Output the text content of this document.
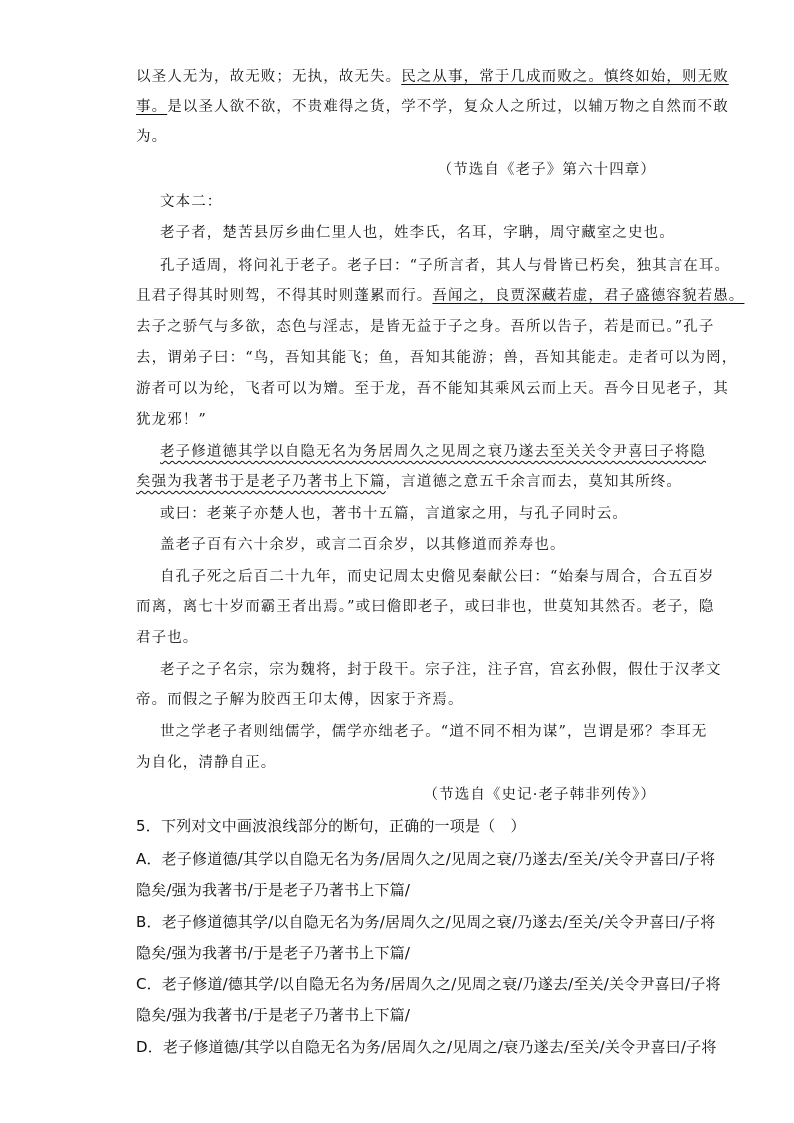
以圣人无为，故无败；无执，故无失。民之从事，常于几成而败之。慎终如始，则无败
事。是以圣人欲不欲，不贵难得之货，学不学，复众人之所过，以辅万物之自然而不敢
为。
（节选自《老子》第六十四章）
文本二：
老子者，楚苦县厉乡曲仁里人也，姓李氏，名耳，字聃，周守藏室之史也。
孔子适周，将问礼于老子。老子曰：“子所言者，其人与骨皆已朽矣，独其言在耳。
且君子得其时则驾，不得其时则蓬累而行。吾闻之，良贾深藏若虚，君子盛德容貌若愚。
去子之骄气与多欲，态色与淫志，是皆无益于子之身。吾所以告子，若是而已。”孔子
去，谓弟子曰：“鸟，吾知其能飞；鱼，吾知其能游；兽，吾知其能走。走者可以为罔，
游者可以为纶，飞者可以为矰。至于龙，吾不能知其乘风云而上天。吾今日见老子，其
犹龙邪！”
老子修道德其学以自隐无名为务居周久之见周之衰乃遂去至关关令尹喜曰子将隐
矣强为我著书于是老子乃著书上下篇，言道德之意五千余言而去，莫知其所终。
或曰：老莱子亦楚人也，著书十五篇，言道家之用，与孔子同时云。
盖老子百有六十余岁，或言二百余岁，以其修道而养寿也。
自孔子死之后百二十九年，而史记周太史儋见秦献公曰：“始秦与周合，合五百岁
而离，离七十岁而霸王者出焉。”或曰儋即老子，或曰非也，世莫知其然否。老子，隐
君子也。
老子之子名宗，宗为魏将，封于段干。宗子注，注子宫，宫玄孙假，假仕于汉孝文
帝。而假之子解为胶西王卬太傅，因家于齐焉。
世之学老子者则绌儒学，儒学亦绌老子。“道不同不相为谋”，岂谓是邪？李耳无
为自化，清静自正。
（节选自《史记·老子韩非列传》）
5．下列对文中画波浪线部分的断句，正确的一项是（　）
A．老子修道德/其学以自隐无名为务/居周久之/见周之衰/乃遂去/至关/关令尹喜曰/子将
隐矣/强为我著书/于是老子乃著书上下篇/
B．老子修道德其学/以自隐无名为务/居周久之/见周之衰/乃遂去/至关/关令尹喜曰/子将
隐矣/强为我著书/于是老子乃著书上下篇/
C．老子修道/德其学/以自隐无名为务/居周久之/见周之衰/乃遂去/至关/关令尹喜曰/子将
隐矣/强为我著书/于是老子乃著书上下篇/
D．老子修道德/其学以自隐无名为务/居周久之/见周之/衰乃遂去/至关/关令尹喜曰/子将
